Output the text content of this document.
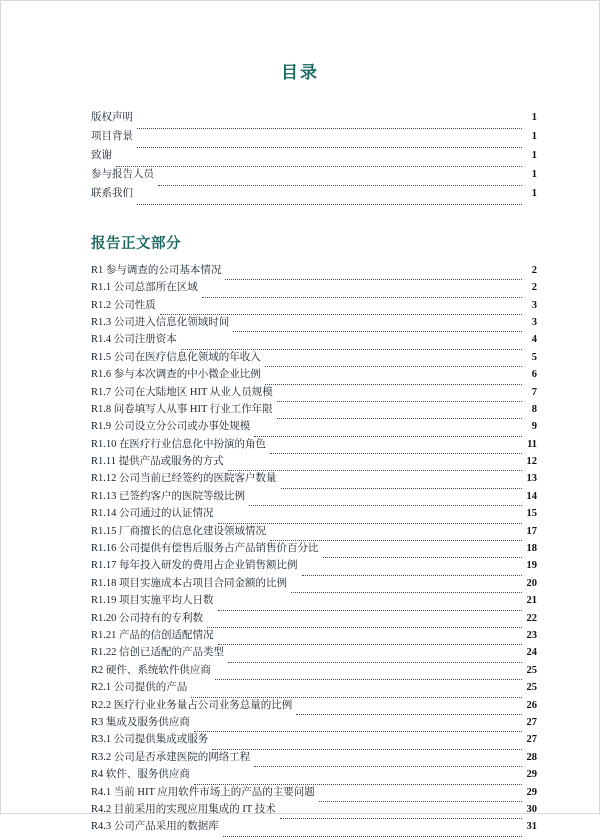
目录
版权声明	1
项目背景	1
致谢	1
参与报告人员	1
联系我们	1
报告正文部分
R1 参与调查的公司基本情况	2
R1.1 公司总部所在区域	2
R1.2 公司性质	3
R1.3 公司进入信息化领域时间	3
R1.4 公司注册资本	4
R1.5 公司在医疗信息化领域的年收入	5
R1.6 参与本次调查的中小微企业比例	6
R1.7 公司在大陆地区 HIT 从业人员规模	7
R1.8 问卷填写人从事 HIT 行业工作年限	8
R1.9 公司设立分公司或办事处规模	9
R1.10 在医疗行业信息化中扮演的角色	11
R1.11 提供产品或服务的方式	12
R1.12 公司当前已经签约的医院客户数量	13
R1.13 已签约客户的医院等级比例	14
R1.14 公司通过的认证情况	15
R1.15 厂商擅长的信息化建设领域情况	17
R1.16 公司提供有偿售后服务占产品销售价百分比	18
R1.17 每年投入研发的费用占企业销售额比例	19
R1.18 项目实施成本占项目合同金额的比例	20
R1.19 项目实施平均人日数	21
R1.20 公司持有的专利数	22
R1.21 产品的信创适配情况	23
R1.22 信创已适配的产品类型	24
R2 硬件、系统软件供应商	25
R2.1 公司提供的产品	25
R2.2 医疗行业业务量占公司业务总量的比例	26
R3 集成及服务供应商	27
R3.1 公司提供集成或服务	27
R3.2 公司是否承建医院的网络工程	28
R4 软件、服务供应商	29
R4.1 当前 HIT 应用软件市场上的产品的主要问题	29
R4.2 目前采用的实现应用集成的 IT 技术	30
R4.3 公司产品采用的数据库	31
